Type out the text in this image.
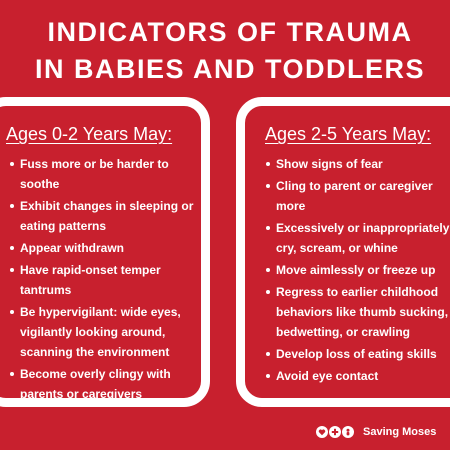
INDICATORS OF TRAUMA
IN BABIES AND TODDLERS
Ages 0-2 Years May:
Fuss more or be harder to soothe
Exhibit changes in sleeping or eating patterns
Appear withdrawn
Have rapid-onset temper tantrums
Be hypervigilant: wide eyes, vigilantly looking around, scanning the environment
Become overly clingy with parents or caregivers
Ages 2-5 Years May:
Show signs of fear
Cling to parent or caregiver
more
Excessively or inappropriately
cry, scream, or whine
Move aimlessly or freeze up
Regress to earlier childhood
behaviors like thumb sucking,
bedwetting, or crawling
Develop loss of eating skills
Avoid eye contact
Saving Moses
